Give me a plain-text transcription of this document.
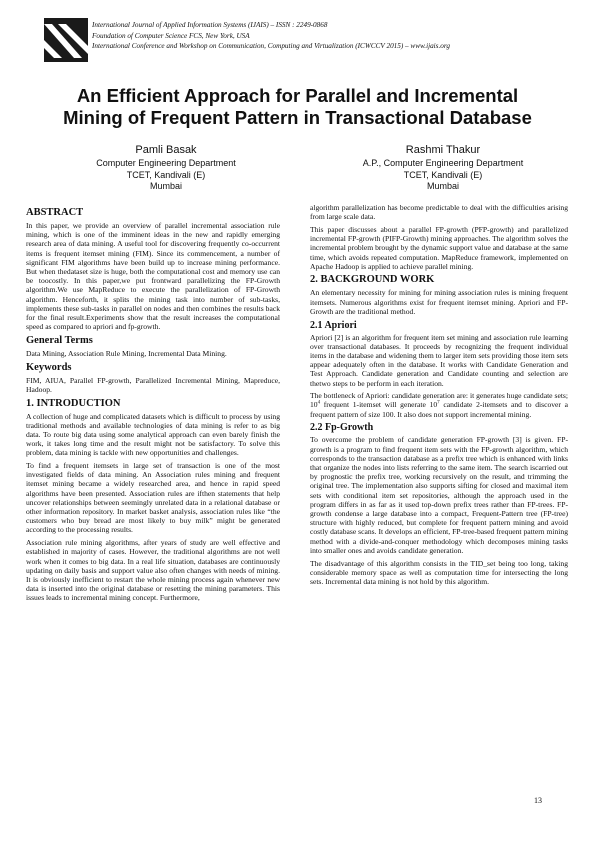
International Journal of Applied Information Systems (IJAIS) – ISSN : 2249-0868
Foundation of Computer Science FCS, New York, USA
International Conference and Workshop on Communication, Computing and Virtualization (ICWCCV 2015) – www.ijais.org
An Efficient Approach for Parallel and Incremental
Mining of Frequent Pattern in Transactional Database
Pamli Basak
Computer Engineering Department
TCET, Kandivali (E)
Mumbai
Rashmi Thakur
A.P., Computer Engineering Department
TCET, Kandivali (E)
Mumbai
ABSTRACT

In this paper, we provide an overview of parallel incremental association rule mining, which is one of the imminent ideas in the new and rapidly emerging research area of data mining. A useful tool for discovering frequently co-occurrent items is frequent itemset mining (FIM). Since its commencement, a number of significant FIM algorithms have been build up to increase mining performance. But when thedataset size is huge, both the computational cost and memory use can be toocostly. In this paper,we put frontward parallelizing the FP-Growth algorithm.We use MapReduce to execute the parallelization of FP-Growth algorithm. Henceforth, it splits the mining task into number of sub-tasks, implements these sub-tasks in parallel on nodes and then combines the results back for the final result.Experiments show that the result increases the computational speed as compared to apriori and fp-growth.

General Terms

Data Mining, Association Rule Mining, Incremental Data Mining.

Keywords

FIM, AIUA, Parallel FP-growth, Parallelized Incremental Mining, Mapreduce, Hadoop.

1. INTRODUCTION

A collection of huge and complicated datasets which is difficult to process by using traditional methods and available technologies of data mining is refer to as big data. To route big data using some analytical approach can even barely finish the work, it takes long time and the result might not be satisfactory. To solve this problem, data mining is tackle with new opportunities and challenges.

To find a frequent itemsets in large set of transaction is one of the most investigated fields of data mining. An Association rules mining and frequent itemset mining became a widely researched area, and hence in rapid speed algorithms have been presented. Association rules are ifthen statements that help uncover relationships between seemingly unrelated data in a relational database or other information repository. In market basket analysis, association rules like “the customers who buy bread are most likely to buy milk” might be generated according to the processing results.

Association rule mining algorithms, after years of study are well effective and established in majority of cases. However, the traditional algorithms are not well work when it comes to big data. In a real life situation, databases are continuously updating on daily basis and support value also often changes with needs of mining. It is obviously inefficient to restart the whole mining process again whenever new data is inserted into the original database or resetting the mining parameters. This issues leads to incremental mining concept. Furthermore,

algorithm parallelization has become predictable to deal with the difficulties arising from large scale data.

This paper discusses about a parallel FP-growth (PFP-growth) and parallelized incremental FP-growth (PIFP-Growth) mining approaches. The algorithm solves the incremental problem brought by the dynamic support value and database at the same time, which avoids repeated computation. MapReduce framework, implemented on Apache Hadoop is applied to achieve parallel mining.

2. BACKGROUND WORK

An elementary necessity for mining for mining association rules is mining frequent itemsets. Numerous algorithms exist for frequent itemset mining. Apriori and FP-Growth are the traditional method.

2.1 Apriori

Apriori [2] is an algorithm for frequent item set mining and association rule learning over transactional databases. It proceeds by recognizing the frequent individual items in the database and widening them to larger item sets providing those item sets appear adequately often in the database. It works with Candidate Generation and Test Approach. Candidate generation and Candidate counting and selection are thetwo steps to be perform in each iteration.

The bottleneck of Apriori: candidate generation are: it generates huge candidate sets; $10^4$ frequent 1-itemset will generate $10^7$ candidate 2-itemsets and to discover a frequent pattern of size 100. It also does not support incremental mining.

2.2 Fp-Growth

To overcome the problem of candidate generation FP-growth [3] is given. FP-growth is a program to find frequent item sets with the FP-growth algorithm, which corresponds to the transaction database as a prefix tree which is enhanced with links that organize the nodes into lists referring to the same item. The search iscarried out by prognostic the prefix tree, working recursively on the result, and trimming the original tree. The implementation also supports sifting for closed and maximal item sets with conditional item set repositories, although the approach used in the program differs in as far as it used top-down prefix trees rather than FP-trees. FP-growth condense a large database into a compact, Frequent-Pattern tree (FP-tree) structure with highly reduced, but complete for frequent pattern mining and avoid costly database scans. It develops an efficient, FP-tree-based frequent pattern mining method with a divide-and-conquer methodology which decomposes mining tasks into smaller ones and avoids candidate generation.

The disadvantage of this algorithm consists in the TID_set being too long, taking considerable memory space as well as computation time for intersecting the long sets. Incremental data mining is not hold by this algorithm.

13
